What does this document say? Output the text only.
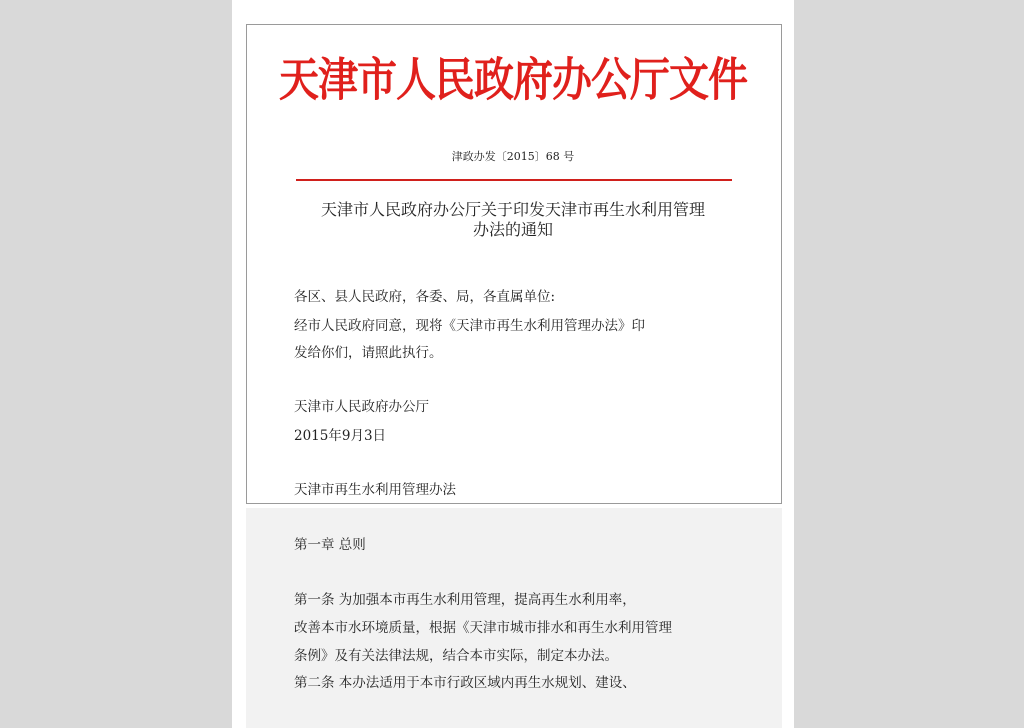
天津市人民政府办公厅文件
津政办发〔2015〕68 号
天津市人民政府办公厅关于印发天津市再生水利用管理
办法的通知
各区、县人民政府，各委、局，各直属单位:
经市人民政府同意，现将《天津市再生水利用管理办法》印
发给你们，请照此执行。
天津市人民政府办公厅
2015年9月3日
天津市再生水利用管理办法
第一章 总则
第一条 为加强本市再生水利用管理，提高再生水利用率，
改善本市水环境质量，根据《天津市城市排水和再生水利用管理
条例》及有关法律法规，结合本市实际，制定本办法。
第二条 本办法适用于本市行政区域内再生水规划、建设、
